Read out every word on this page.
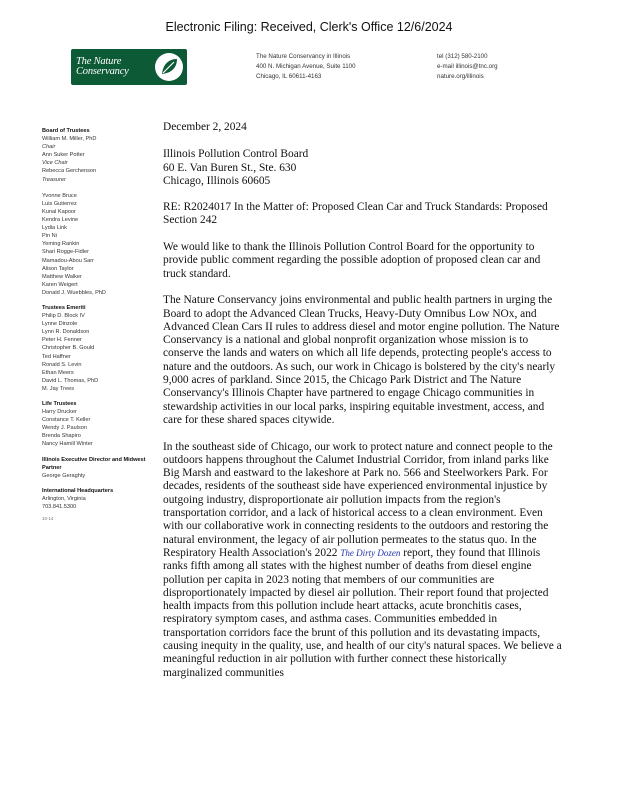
Electronic Filing: Received, Clerk's Office 12/6/2024
The Nature
Conservancy
The Nature Conservancy in Illinois
400 N. Michigan Avenue, Suite 1100
Chicago, IL 60611-4163
tel (312) 580-2100
e-mail illinois@tnc.org
nature.org/illinois
Board of Trustees
William M. Miller, PhD
Chair
Ann Suker Potter
Vice Chair
Rebecca Gerchenson
Treasurer

Yvonne Bruce
Luis Gutierrez
Kunal Kapoor
Kendra Levine
Lydia Link
Pin Ni
Yeming Rankin
Shari Rogge-Fidler
Mamadou-Abou Sarr
Alison Taylor
Matthew Walker
Karen Weigert
Donald J. Wuebbles, PhD
Trustees Emeriti
Philip D. Block IV
Lynne Dinzole
Lynn R. Donaldson
Peter H. Fenner
Christopher B. Gould
Ted Haffner
Ronald S. Levin
Ethan Meers
David L. Thomas, PhD
M. Jay Trees
Life Trustees
Harry Drucker
Constance T. Keller
Wendy J. Paulson
Brenda Shapiro
Nancy Hamill Winter
Illinois Executive Director and Midwest Partner
George Geraghty
International Headquarters
Arlington, Virginia
703.841.5300
10-14

December 2, 2024

Illinois Pollution Control Board
60 E. Van Buren St., Ste. 630
Chicago, Illinois 60605

RE: R2024017 In the Matter of: Proposed Clean Car and Truck Standards: Proposed Section 242

We would like to thank the Illinois Pollution Control Board for the opportunity to provide public comment regarding the possible adoption of proposed clean car and truck standard.

The Nature Conservancy joins environmental and public health partners in urging the Board to adopt the Advanced Clean Trucks, Heavy-Duty Omnibus Low NOx, and Advanced Clean Cars II rules to address diesel and motor engine pollution. The Nature Conservancy is a national and global nonprofit organization whose mission is to conserve the lands and waters on which all life depends, protecting people's access to nature and the outdoors. As such, our work in Chicago is bolstered by the city's nearly 9,000 acres of parkland. Since 2015, the Chicago Park District and The Nature Conservancy's Illinois Chapter have partnered to engage Chicago communities in stewardship activities in our local parks, inspiring equitable investment, access, and care for these shared spaces citywide.

In the southeast side of Chicago, our work to protect nature and connect people to the outdoors happens throughout the Calumet Industrial Corridor, from inland parks like Big Marsh and eastward to the lakeshore at Park no. 566 and Steelworkers Park. For decades, residents of the southeast side have experienced environmental injustice by outgoing industry, disproportionate air pollution impacts from the region's transportation corridor, and a lack of historical access to a clean environment. Even with our collaborative work in connecting residents to the outdoors and restoring the natural environment, the legacy of air pollution permeates to the status quo. In the Respiratory Health Association's 2022 The Dirty Dozen report, they found that Illinois ranks fifth among all states with the highest number of deaths from diesel engine pollution per capita in 2023 noting that members of our communities are disproportionately impacted by diesel air pollution. Their report found that projected health impacts from this pollution include heart attacks, acute bronchitis cases, respiratory symptom cases, and asthma cases. Communities embedded in transportation corridors face the brunt of this pollution and its devastating impacts, causing inequity in the quality, use, and health of our city's natural spaces. We believe a meaningful reduction in air pollution with further connect these historically marginalized communities
